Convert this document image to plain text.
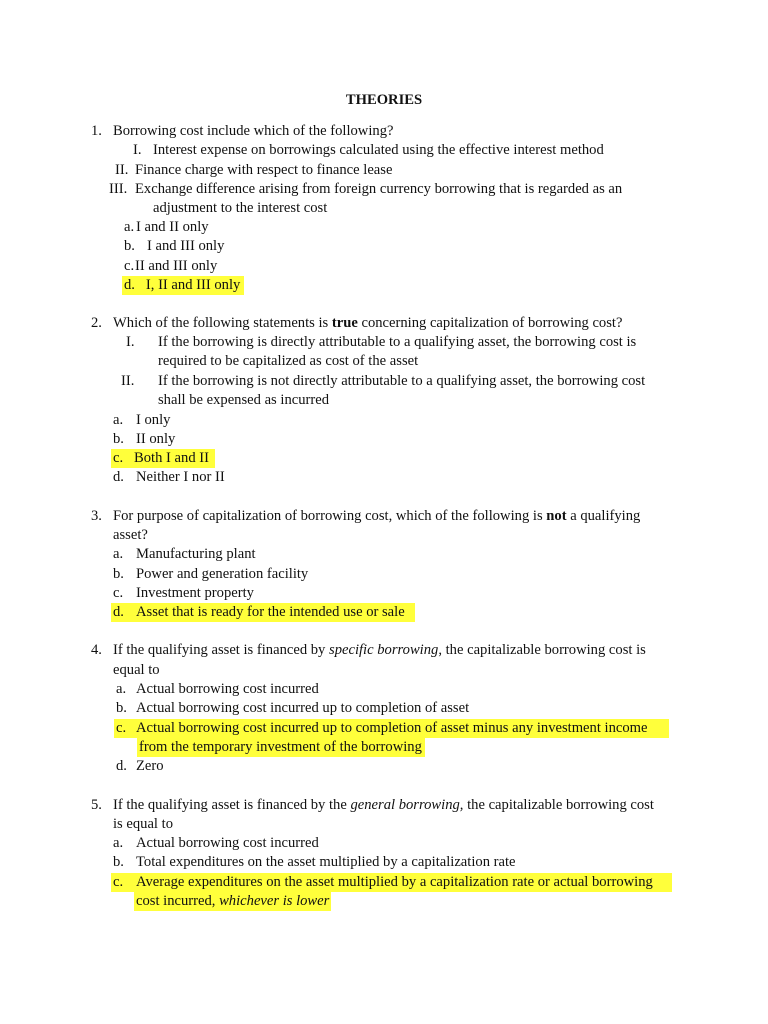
THEORIES
1. Borrowing cost include which of the following?
I. Interest expense on borrowings calculated using the effective interest method
II. Finance charge with respect to finance lease
III. Exchange difference arising from foreign currency borrowing that is regarded as an
adjustment to the interest cost
a. I and II only
b. I and III only
c. II and III only
d. I, II and III only
2. Which of the following statements is true concerning capitalization of borrowing cost?
I. If the borrowing is directly attributable to a qualifying asset, the borrowing cost is
required to be capitalized as cost of the asset
II. If the borrowing is not directly attributable to a qualifying asset, the borrowing cost
shall be expensed as incurred
a. I only
b. II only
c. Both I and II
d. Neither I nor II
3. For purpose of capitalization of borrowing cost, which of the following is not a qualifying
asset?
a. Manufacturing plant
b. Power and generation facility
c. Investment property
d. Asset that is ready for the intended use or sale
4. If the qualifying asset is financed by specific borrowing, the capitalizable borrowing cost is
equal to
a. Actual borrowing cost incurred
b. Actual borrowing cost incurred up to completion of asset
c. Actual borrowing cost incurred up to completion of asset minus any investment income
from the temporary investment of the borrowing
d. Zero
5. If the qualifying asset is financed by the general borrowing, the capitalizable borrowing cost
is equal to
a. Actual borrowing cost incurred
b. Total expenditures on the asset multiplied by a capitalization rate
c. Average expenditures on the asset multiplied by a capitalization rate or actual borrowing
cost incurred, whichever is lower
